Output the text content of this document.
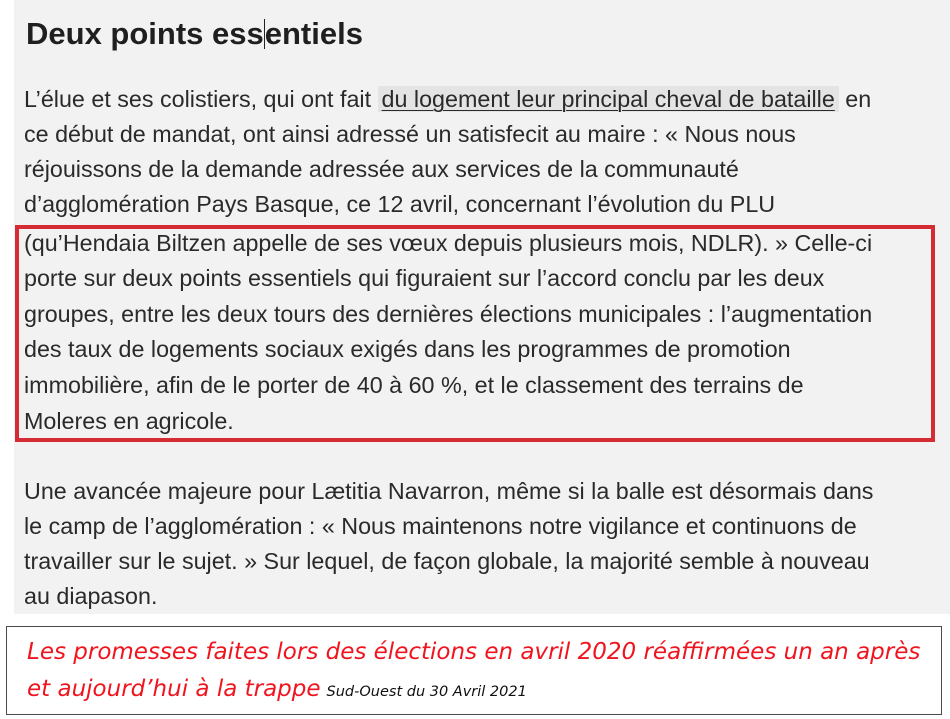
Deux points essentiels
L’élue et ses colistiers, qui ont fait du logement leur principal cheval de bataille en
ce début de mandat, ont ainsi adressé un satisfecit au maire : « Nous nous
réjouissons de la demande adressée aux services de la communauté
d’agglomération Pays Basque, ce 12 avril, concernant l’évolution du PLU
(qu’Hendaia Biltzen appelle de ses vœux depuis plusieurs mois, NDLR). » Celle-ci
porte sur deux points essentiels qui figuraient sur l’accord conclu par les deux
groupes, entre les deux tours des dernières élections municipales : l’augmentation
des taux de logements sociaux exigés dans les programmes de promotion
immobilière, afin de le porter de 40 à 60 %, et le classement des terrains de
Moleres en agricole.
Une avancée majeure pour Lætitia Navarron, même si la balle est désormais dans
le camp de l’agglomération : « Nous maintenons notre vigilance et continuons de
travailler sur le sujet. » Sur lequel, de façon globale, la majorité semble à nouveau
au diapason.
Les promesses faites lors des élections en avril 2020 réaffirmées un an après
et aujourd’hui à la trappe Sud-Ouest du 30 Avril 2021
